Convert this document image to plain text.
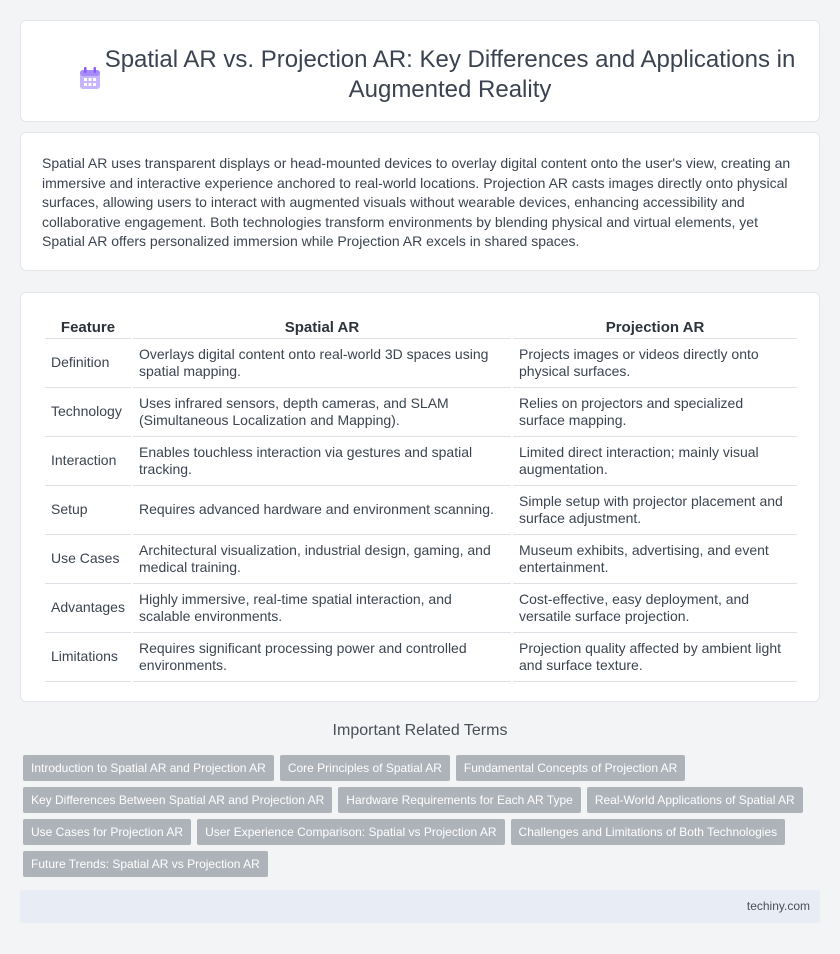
Spatial AR vs. Projection AR: Key Differences and Applications in Augmented Reality

Spatial AR uses transparent displays or head-mounted devices to overlay digital content onto the user's view, creating an immersive and interactive experience anchored to real-world locations. Projection AR casts images directly onto physical surfaces, allowing users to interact with augmented visuals without wearable devices, enhancing accessibility and collaborative engagement. Both technologies transform environments by blending physical and virtual elements, yet Spatial AR offers personalized immersion while Projection AR excels in shared spaces.

Feature	Spatial AR	Projection AR
Definition	Overlays digital content onto real-world 3D spaces using spatial mapping.	Projects images or videos directly onto physical surfaces.
Technology	Uses infrared sensors, depth cameras, and SLAM (Simultaneous Localization and Mapping).	Relies on projectors and specialized surface mapping.
Interaction	Enables touchless interaction via gestures and spatial tracking.	Limited direct interaction; mainly visual augmentation.
Setup	Requires advanced hardware and environment scanning.	Simple setup with projector placement and surface adjustment.
Use Cases	Architectural visualization, industrial design, gaming, and medical training.	Museum exhibits, advertising, and event entertainment.
Advantages	Highly immersive, real-time spatial interaction, and scalable environments.	Cost-effective, easy deployment, and versatile surface projection.
Limitations	Requires significant processing power and controlled environments.	Projection quality affected by ambient light and surface texture.
Important Related Terms
Introduction to Spatial AR and Projection AR	Core Principles of Spatial AR	Fundamental Concepts of Projection AR
Key Differences Between Spatial AR and Projection AR	Hardware Requirements for Each AR Type	Real-World Applications of Spatial AR
Use Cases for Projection AR	User Experience Comparison: Spatial vs Projection AR	Challenges and Limitations of Both Technologies
Future Trends: Spatial AR vs Projection AR
techiny.com
